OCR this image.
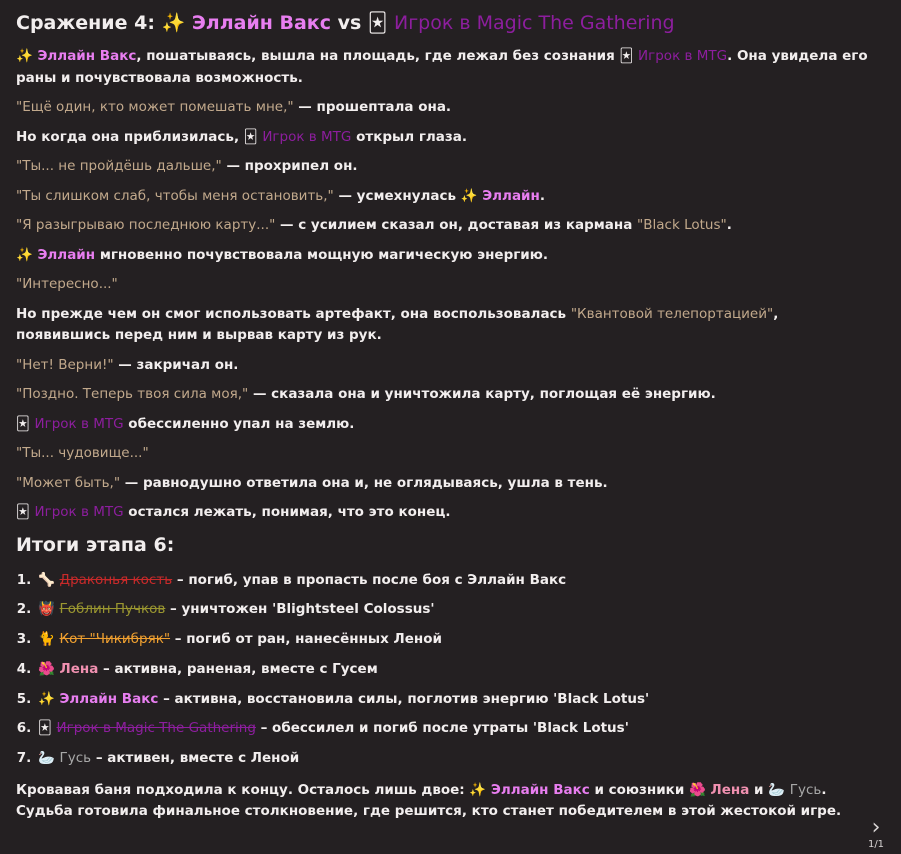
Сражение 4: ✨ Эллайн Вакс vs 🃏 Игрок в Magic The Gathering

✨ Эллайн Вакс, пошатываясь, вышла на площадь, где лежал без сознания 🃏 Игрок в МТG. Она увидела его раны и почувствовала возможность.

"Ещё один, кто может помешать мне," — прошептала она.

Но когда она приблизилась, 🃏 Игрок в МТG открыл глаза.

"Ты... не пройдёшь дальше," — прохрипел он.

"Ты слишком слаб, чтобы меня остановить," — усмехнулась ✨ Эллайн.

"Я разыгрываю последнюю карту..." — с усилием сказал он, доставая из кармана "Black Lotus".

✨ Эллайн мгновенно почувствовала мощную магическую энергию.

"Интересно..."

Но прежде чем он смог использовать артефакт, она воспользовалась "Квантовой телепортацией", появившись перед ним и вырвав карту из рук.

"Нет! Верни!" — закричал он.

"Поздно. Теперь твоя сила моя," — сказала она и уничтожила карту, поглощая её энергию.

🃏 Игрок в МТG обессиленно упал на землю.

"Ты... чудовище..."

"Может быть," — равнодушно ответила она и, не оглядываясь, ушла в тень.

🃏 Игрок в МТG остался лежать, понимая, что это конец.

Итоги этапа 6:
1. 🦴 Драконья кость – погиб, упав в пропасть после боя с Эллайн Вакс
2. 👹 Гоблин Пучков – уничтожен 'Blightsteel Colossus'
3. 🐈 Кот "Чикибряк" – погиб от ран, нанесённых Леной
4. 🌺 Лена – активна, раненая, вместе с Гусем
5. ✨ Эллайн Вакс – активна, восстановила силы, поглотив энергию 'Black Lotus'
6. 🃏 Игрок в Magic The Gathering – обессилел и погиб после утраты 'Black Lotus'
7. 🦢 Гусь – активен, вместе с Леной

Кровавая баня подходила к концу. Осталось лишь двое: ✨ Эллайн Вакс и союзники 🌺 Лена и 🦢 Гусь. Судьба готовила финальное столкновение, где решится, кто станет победителем в этой жестокой игре.

›
1/1
